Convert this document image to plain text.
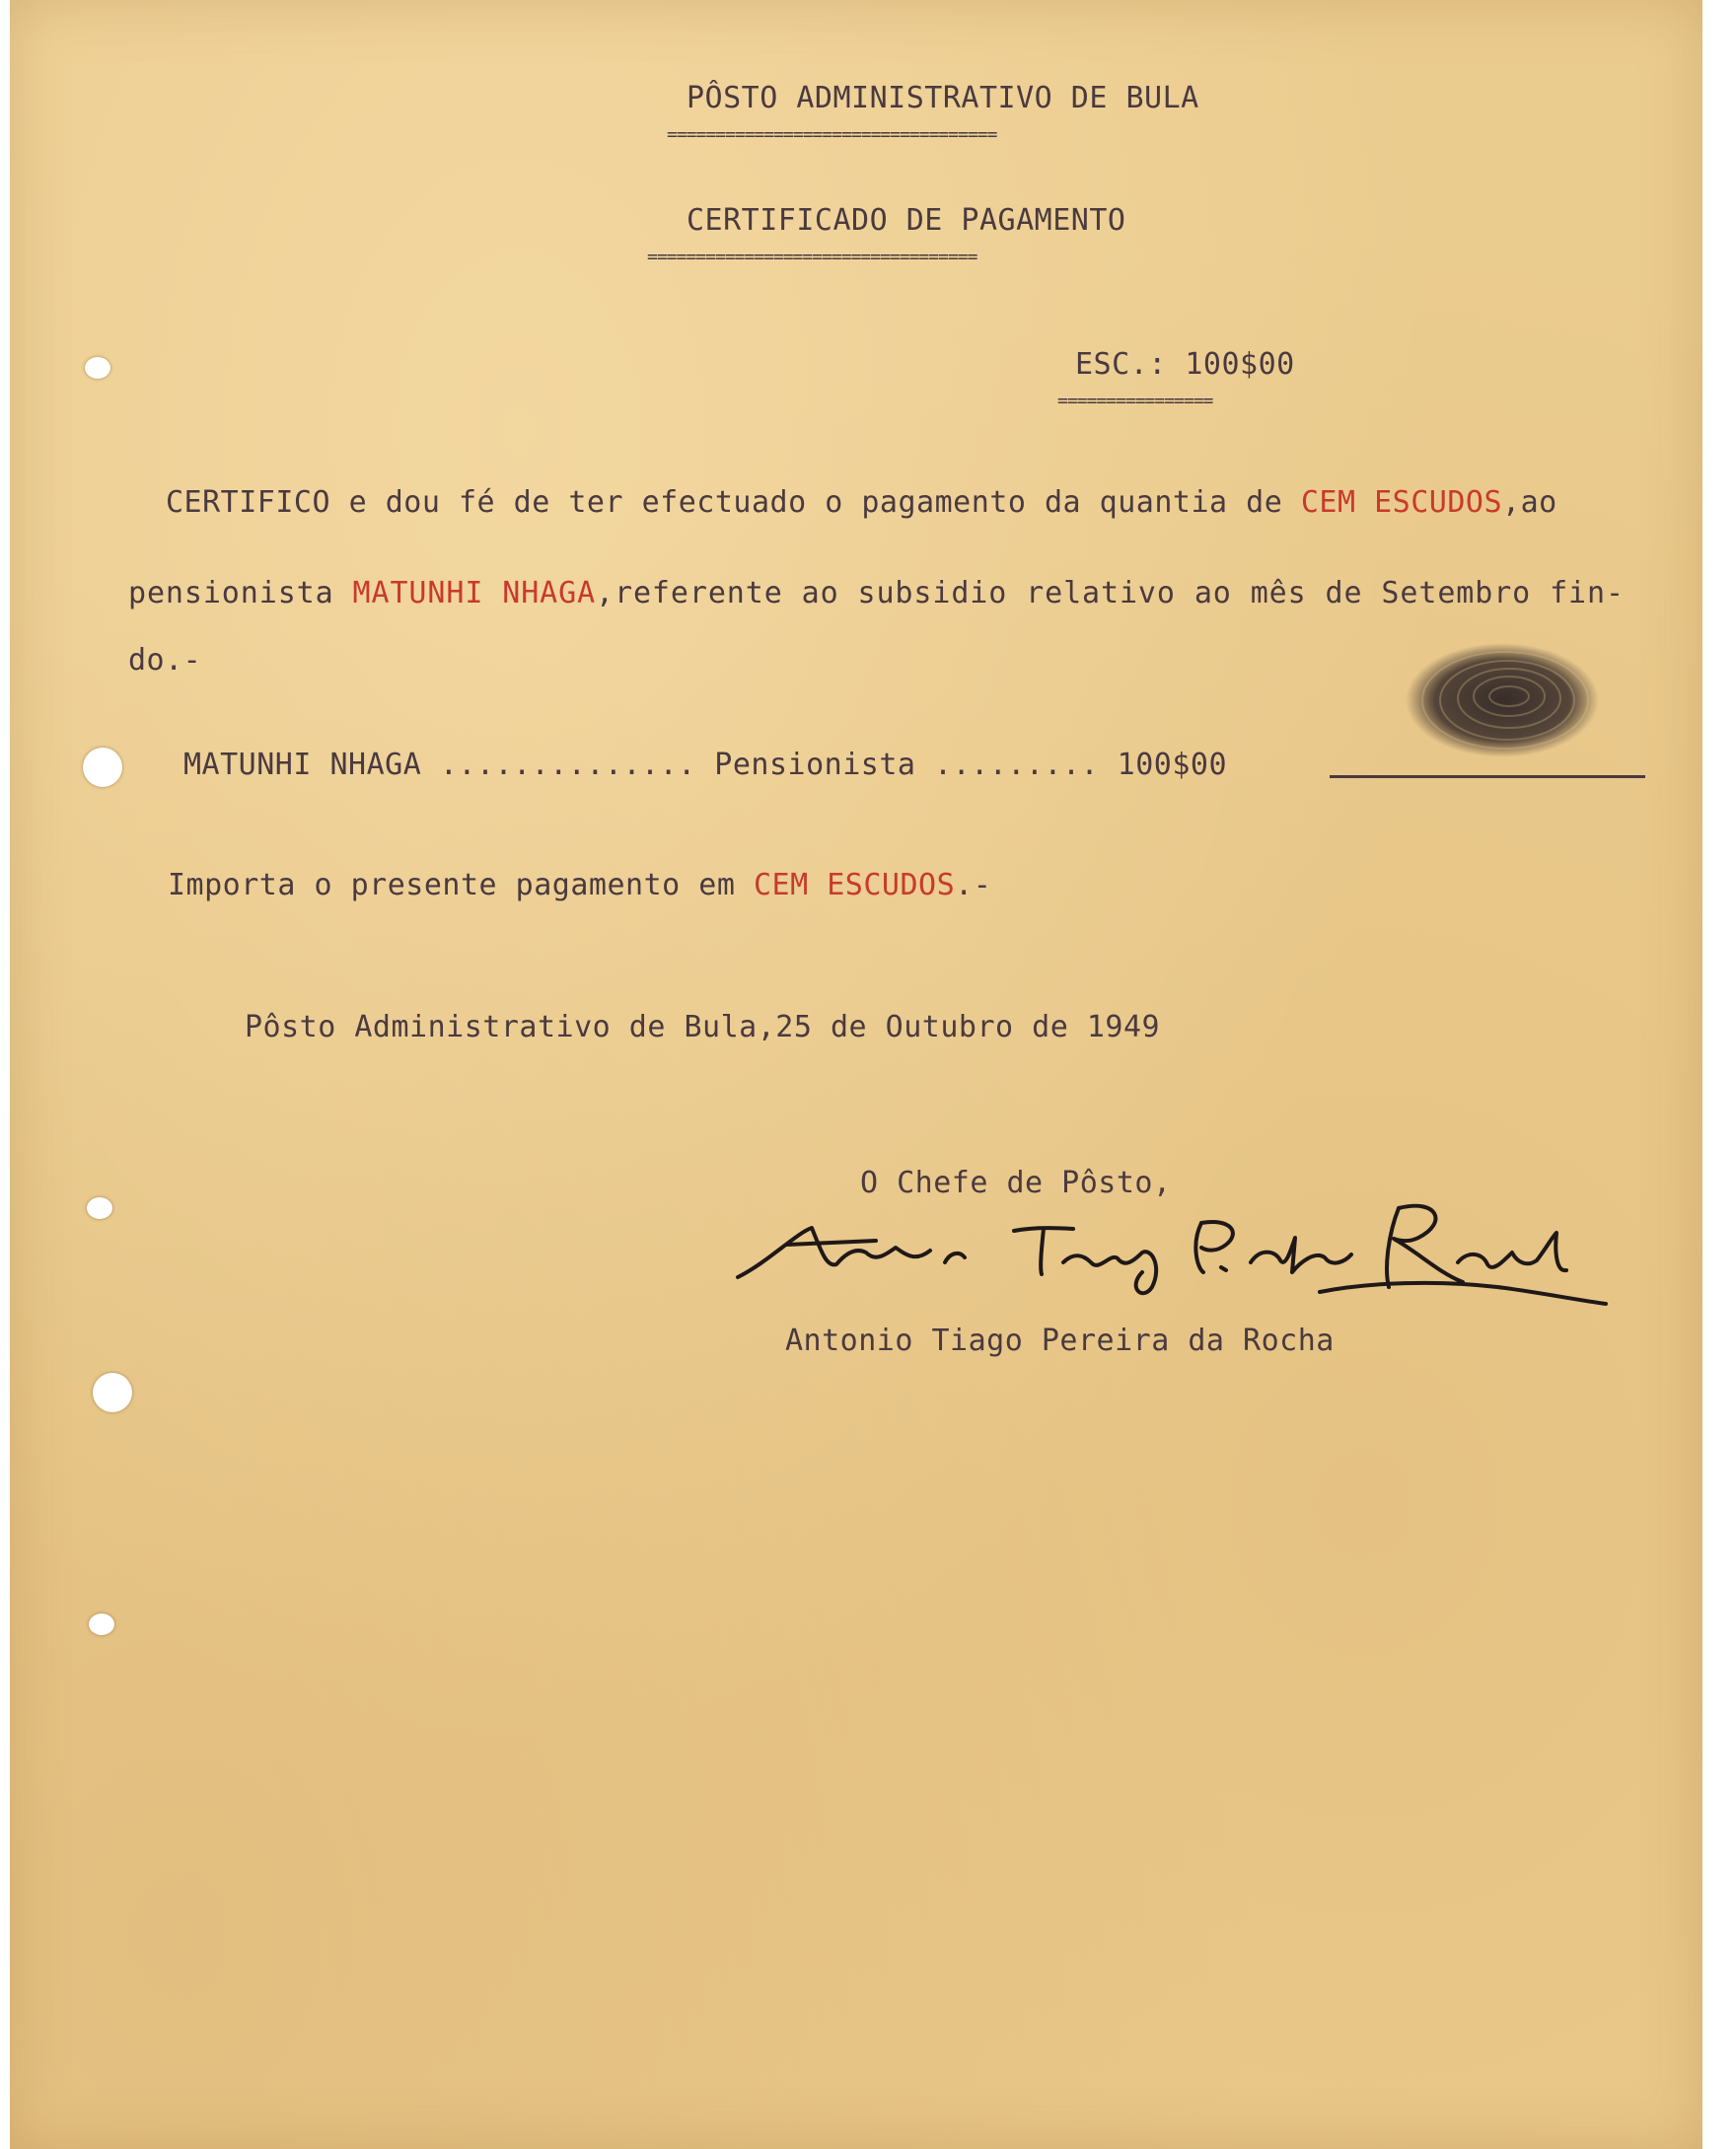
PÔSTO ADMINISTRATIVO DE BULA
==================================
CERTIFICADO DE PAGAMENTO
==================================
ESC.: 100$00
================
CERTIFICO e dou fé de ter efectuado o pagamento da quantia de CEM ESCUDOS,ao
pensionista MATUNHI NHAGA,referente ao subsidio relativo ao mês de Setembro fin-
do.-
MATUNHI NHAGA .............. Pensionista ......... 100$00
Importa o presente pagamento em CEM ESCUDOS.-
Pôsto Administrativo de Bula,25 de Outubro de 1949
O Chefe de Pôsto,
Antonio Tiago Pereira da Rocha
